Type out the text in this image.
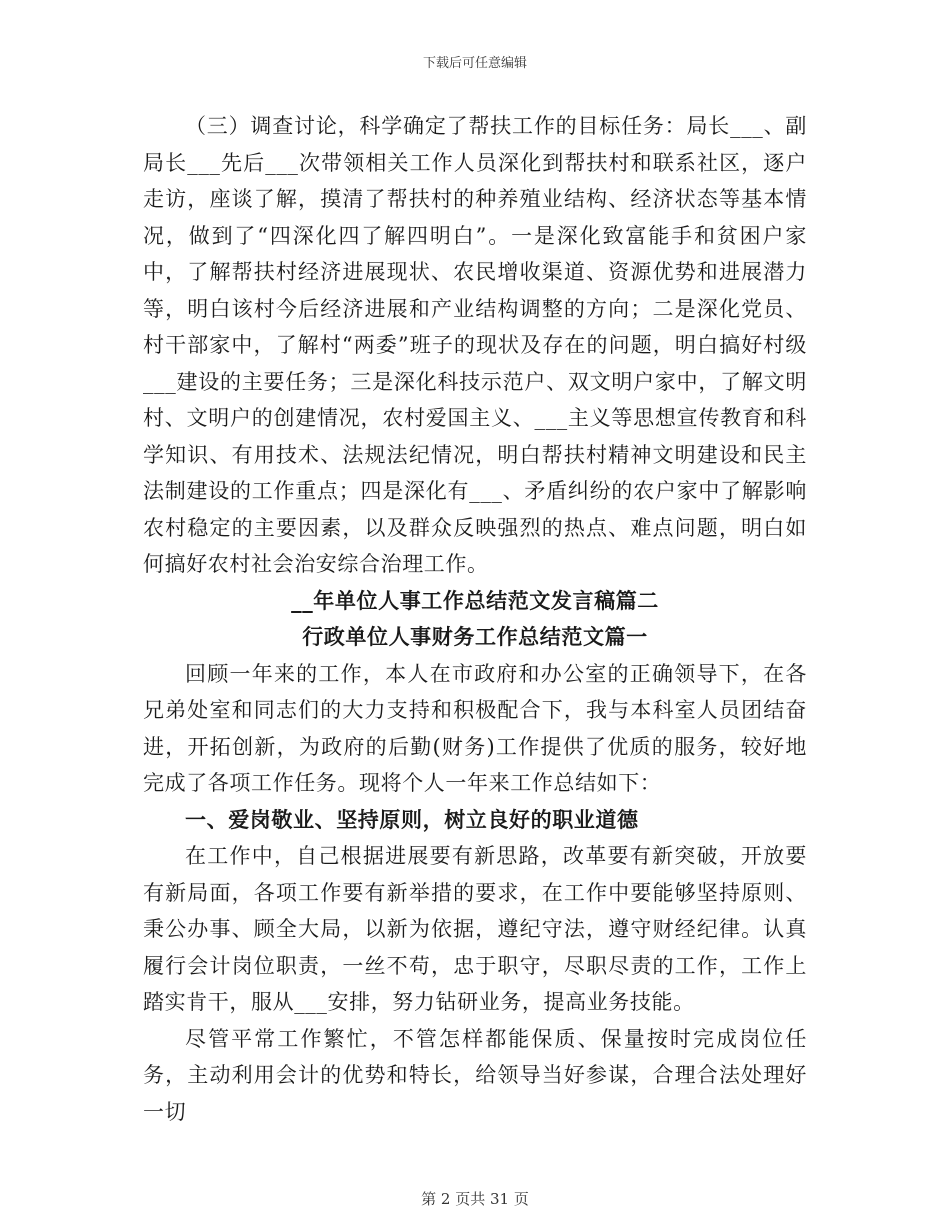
下载后可任意编辑

（三）调查讨论，科学确定了帮扶工作的目标任务：局长___、副局长___先后___次带领相关工作人员深化到帮扶村和联系社区，逐户走访，座谈了解，摸清了帮扶村的种养殖业结构、经济状态等基本情况，做到了“四深化四了解四明白”。一是深化致富能手和贫困户家中，了解帮扶村经济进展现状、农民增收渠道、资源优势和进展潜力等，明白该村今后经济进展和产业结构调整的方向；二是深化党员、村干部家中，了解村“两委”班子的现状及存在的问题，明白搞好村级___建设的主要任务；三是深化科技示范户、双文明户家中，了解文明村、文明户的创建情况，农村爱国主义、___主义等思想宣传教育和科学知识、有用技术、法规法纪情况，明白帮扶村精神文明建设和民主法制建设的工作重点；四是深化有___、矛盾纠纷的农户家中了解影响农村稳定的主要因素，以及群众反映强烈的热点、难点问题，明白如何搞好农村社会治安综合治理工作。

__年单位人事工作总结范文发言稿篇二

行政单位人事财务工作总结范文篇一

回顾一年来的工作，本人在市政府和办公室的正确领导下，在各兄弟处室和同志们的大力支持和积极配合下，我与本科室人员团结奋进，开拓创新，为政府的后勤(财务)工作提供了优质的服务，较好地完成了各项工作任务。现将个人一年来工作总结如下：

一、爱岗敬业、坚持原则，树立良好的职业道德

在工作中，自己根据进展要有新思路，改革要有新突破，开放要有新局面，各项工作要有新举措的要求，在工作中要能够坚持原则、秉公办事、顾全大局，以新为依据，遵纪守法，遵守财经纪律。认真履行会计岗位职责，一丝不苟，忠于职守，尽职尽责的工作，工作上踏实肯干，服从___安排，努力钻研业务，提高业务技能。

尽管平常工作繁忙，不管怎样都能保质、保量按时完成岗位任务，主动利用会计的优势和特长，给领导当好参谋，合理合法处理好一切

第 2 页共 31 页
